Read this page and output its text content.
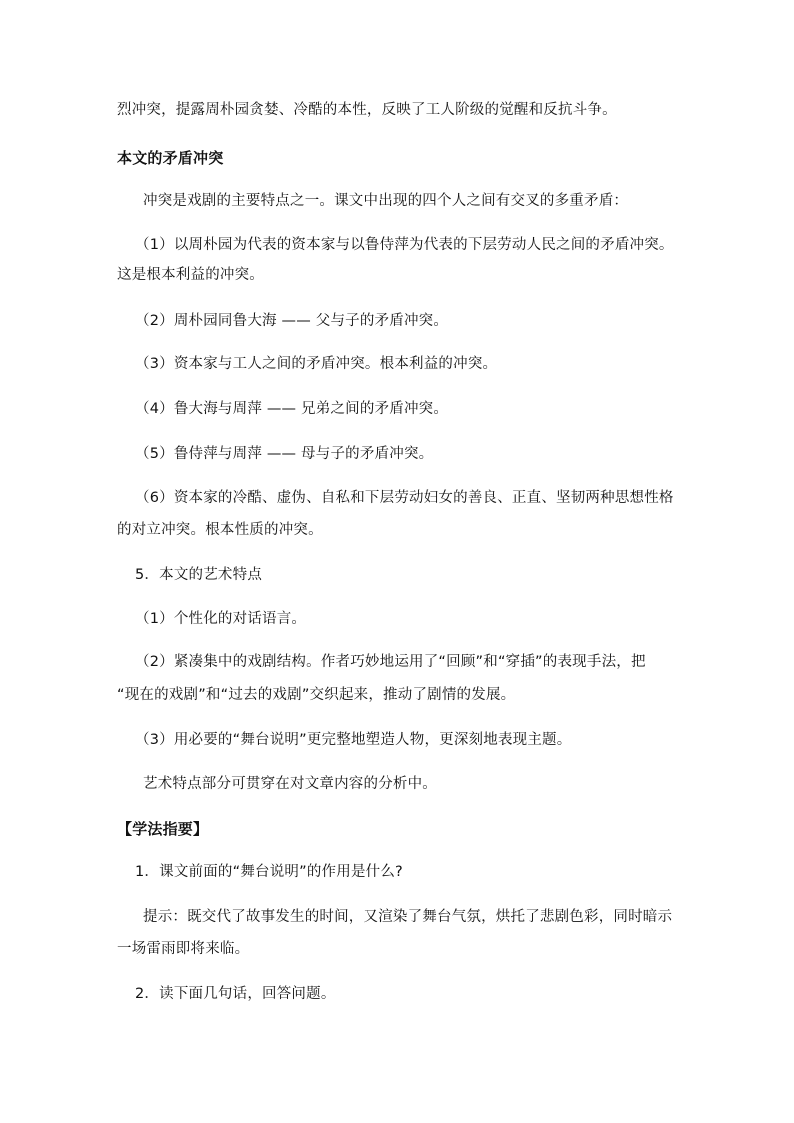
烈冲突，提露周朴园贪婪、冷酷的本性，反映了工人阶级的觉醒和反抗斗争。
本文的矛盾冲突
冲突是戏剧的主要特点之一。课文中出现的四个人之间有交叉的多重矛盾：
（1）以周朴园为代表的资本家与以鲁侍萍为代表的下层劳动人民之间的矛盾冲突。
这是根本利益的冲突。
（2）周朴园同鲁大海 —— 父与子的矛盾冲突。
（3）资本家与工人之间的矛盾冲突。根本利益的冲突。
（4）鲁大海与周萍 —— 兄弟之间的矛盾冲突。
（5）鲁侍萍与周萍 —— 母与子的矛盾冲突。
（6）资本家的冷酷、虚伪、自私和下层劳动妇女的善良、正直、坚韧两种思想性格
的对立冲突。根本性质的冲突。
5．本文的艺术特点
（1）个性化的对话语言。
（2）紧凑集中的戏剧结构。作者巧妙地运用了“回顾”和“穿插”的表现手法，把
“现在的戏剧”和“过去的戏剧”交织起来，推动了剧情的发展。
（3）用必要的“舞台说明”更完整地塑造人物，更深刻地表现主题。
艺术特点部分可贯穿在对文章内容的分析中。
【学法指要】
1．课文前面的“舞台说明”的作用是什么?
提示：既交代了故事发生的时间，又渲染了舞台气氛，烘托了悲剧色彩，同时暗示
一场雷雨即将来临。
2．读下面几句话，回答问题。
